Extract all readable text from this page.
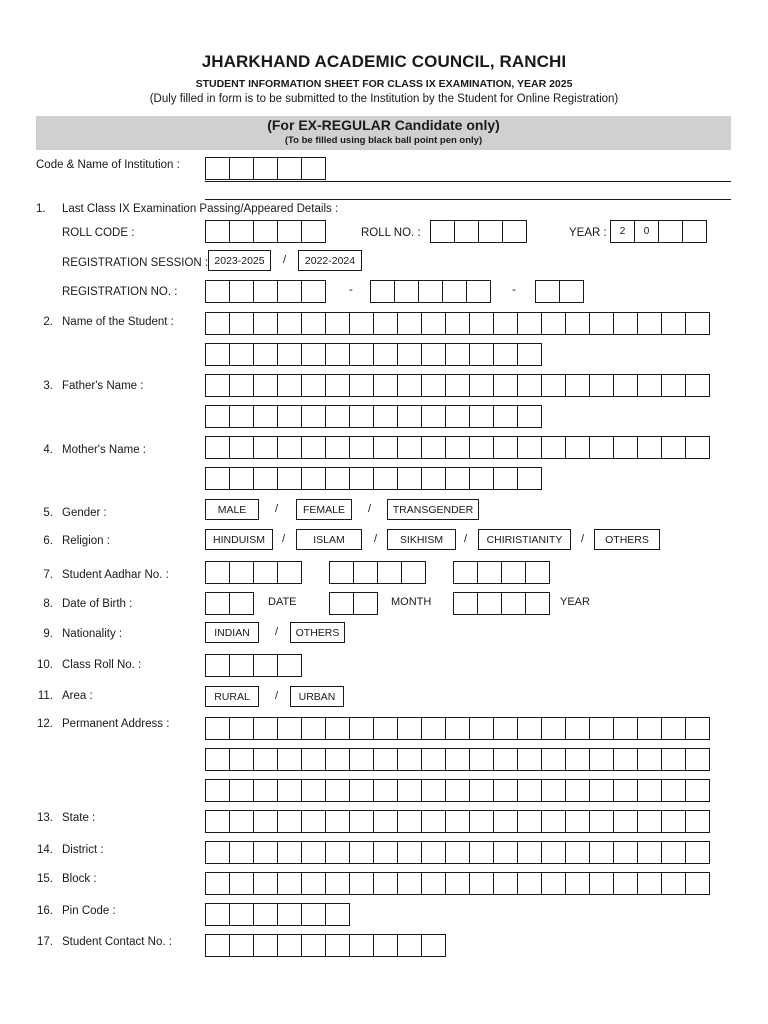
JHARKHAND ACADEMIC COUNCIL, RANCHI
STUDENT INFORMATION SHEET FOR CLASS IX EXAMINATION, YEAR 2025
(Duly filled in form is to be submitted to the Institution by the Student for Online Registration)
(For EX-REGULAR Candidate only)
(To be filled using black ball point pen only)
Code & Name of Institution :
1. Last Class IX Examination Passing/Appeared Details :
ROLL CODE :	ROLL NO. :	YEAR :	2	0
REGISTRATION SESSION : 2023-2025	/	2022-2024
REGISTRATION NO. :	-	-
2. Name of the Student :
3. Father's Name :
4. Mother's Name :
5. Gender :	MALE	/	FEMALE	/	TRANSGENDER
6. Religion :	HINDUISM	/	ISLAM	/	SIKHISM	/	CHIRISTIANITY	/	OTHERS
7. Student Aadhar No. :
8. Date of Birth :	DATE	MONTH	YEAR
9. Nationality :	INDIAN	/	OTHERS
10. Class Roll No. :
11. Area :	RURAL	/	URBAN
12. Permanent Address :
13. State :
14. District :
15. Block :
16. Pin Code :
17. Student Contact No. :
